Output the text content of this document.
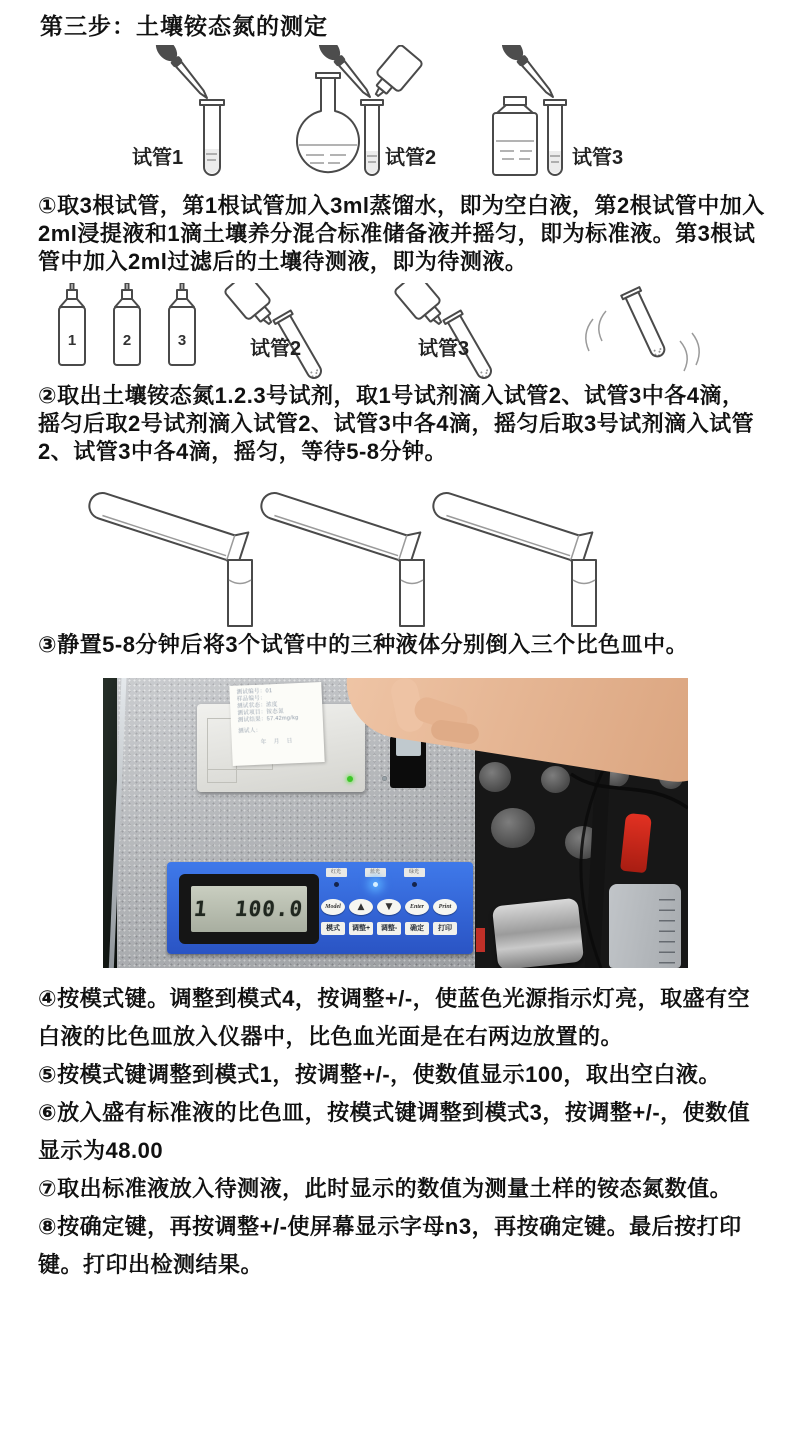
第三步：土壤铵态氮的测定
试管1	试管2	试管3

①取3根试管，第1根试管加入3ml蒸馏水，即为空白液，第2根试管中加入2ml浸提液和1滴土壤养分混合标准储备液并摇匀，即为标准液。第3根试管中加入2ml过滤后的土壤待测液，即为待测液。

1	2	3	试管2	试管3

②取出土壤铵态氮1.2.3号试剂，取1号试剂滴入试管2、试管3中各4滴，摇匀后取2号试剂滴入试管2、试管3中各4滴，摇匀后取3号试剂滴入试管2、试管3中各4滴，摇匀，等待5-8分钟。

③静置5-8分钟后将3个试管中的三种液体分别倒入三个比色皿中。

测试编号：01
样品编号：
测试状态：浓度
测试项目：铵态氮
测试结果：57.42mg/kg
测试人：
年 月 日
1  100.0
红光	蓝光	绿光
Model	▲	▼	Enter	Print
模式	调整+	调整-	确定	打印

④按模式键。调整到模式4，按调整+/-，使蓝色光源指示灯亮，取盛有空白液的比色皿放入仪器中，比色血光面是在右两边放置的。

⑤按模式键调整到模式1，按调整+/-，使数值显示100，取出空白液。

⑥放入盛有标准液的比色皿，按模式键调整到模式3，按调整+/-，使数值显示为48.00

⑦取出标准液放入待测液，此时显示的数值为测量土样的铵态氮数值。

⑧按确定键，再按调整+/-使屏幕显示字母n3，再按确定键。最后按打印键。打印出检测结果。
